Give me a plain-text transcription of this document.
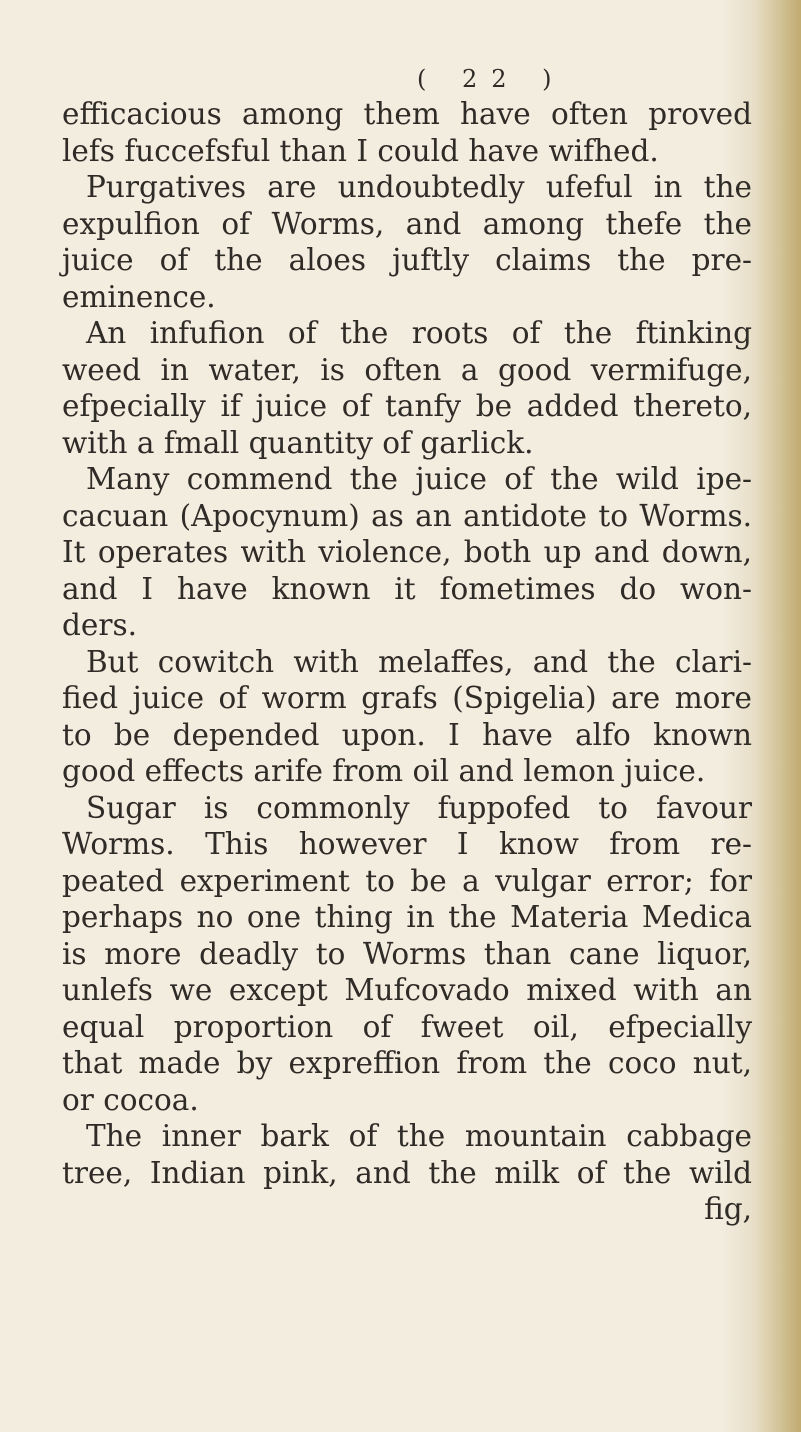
( 22 )
efficacious among them have often proved
lefs fuccefsful than I could have wifhed.
Purgatives are undoubtedly ufeful in the
expulfion of Worms, and among thefe the
juice of the aloes juftly claims the pre-
eminence.
An infufion of the roots of the ftinking
weed in water, is often a good vermifuge,
efpecially if juice of tanfy be added thereto,
with a fmall quantity of garlick.
Many commend the juice of the wild ipe-
cacuan (Apocynum) as an antidote to Worms.
It operates with violence, both up and down,
and I have known it fometimes do won-
ders.
But cowitch with melaffes, and the clari-
fied juice of worm grafs (Spigelia) are more
to be depended upon. I have alfo known
good effects arife from oil and lemon juice.
Sugar is commonly fuppofed to favour
Worms. This however I know from re-
peated experiment to be a vulgar error; for
perhaps no one thing in the Materia Medica
is more deadly to Worms than cane liquor,
unlefs we except Mufcovado mixed with an
equal proportion of fweet oil, efpecially
that made by expreffion from the coco nut,
or cocoa.
The inner bark of the mountain cabbage
tree, Indian pink, and the milk of the wild
fig,
